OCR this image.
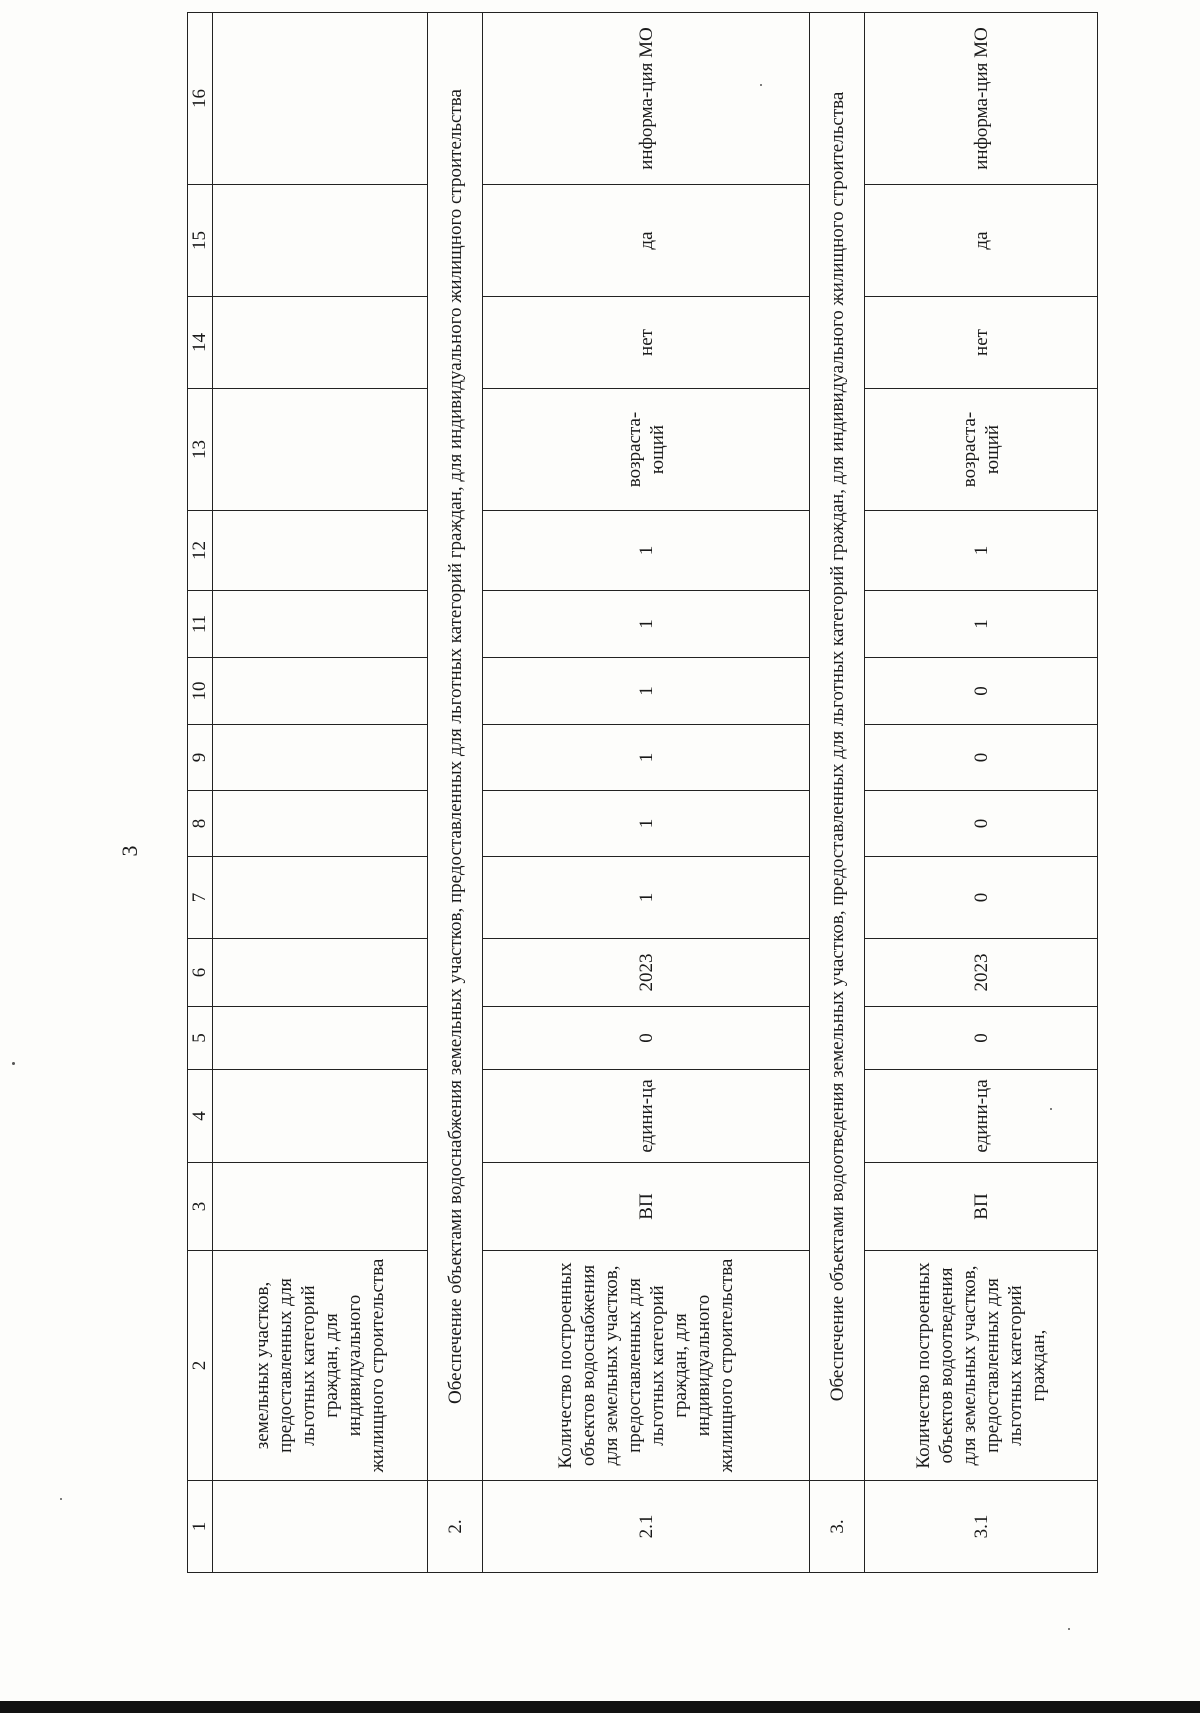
3
1	2	3	4	5	6	7	8	9	10	11	12	13	14	15	16
	земельных участков, предоставленных для льготных категорий граждан, для индивидуального жилищного строительства														
2.	Обеспечение объектами водоснабжения земельных участков, предоставленных для льготных категорий граждан, для индивидуального жилищного строительства														
2.1	Количество построенных объектов водоснабжения для земельных участков, предоставленных для льготных категорий граждан, для индивидуального жилищного строительства	ВП	едини-ца	0	2023	1	1	1	1	1	1	возраста-ющий	нет	да	информа-ция МО
3.	Обеспечение объектами водоотведения земельных участков, предоставленных для льготных категорий граждан, для индивидуального жилищного строительства														
3.1	Количество построенных объектов водоотведения для земельных участков, предоставленных для льготных категорий граждан,	ВП	едини-ца	0	2023	0	0	0	0	1	1	возраста-ющий	нет	да	информа-ция МО
